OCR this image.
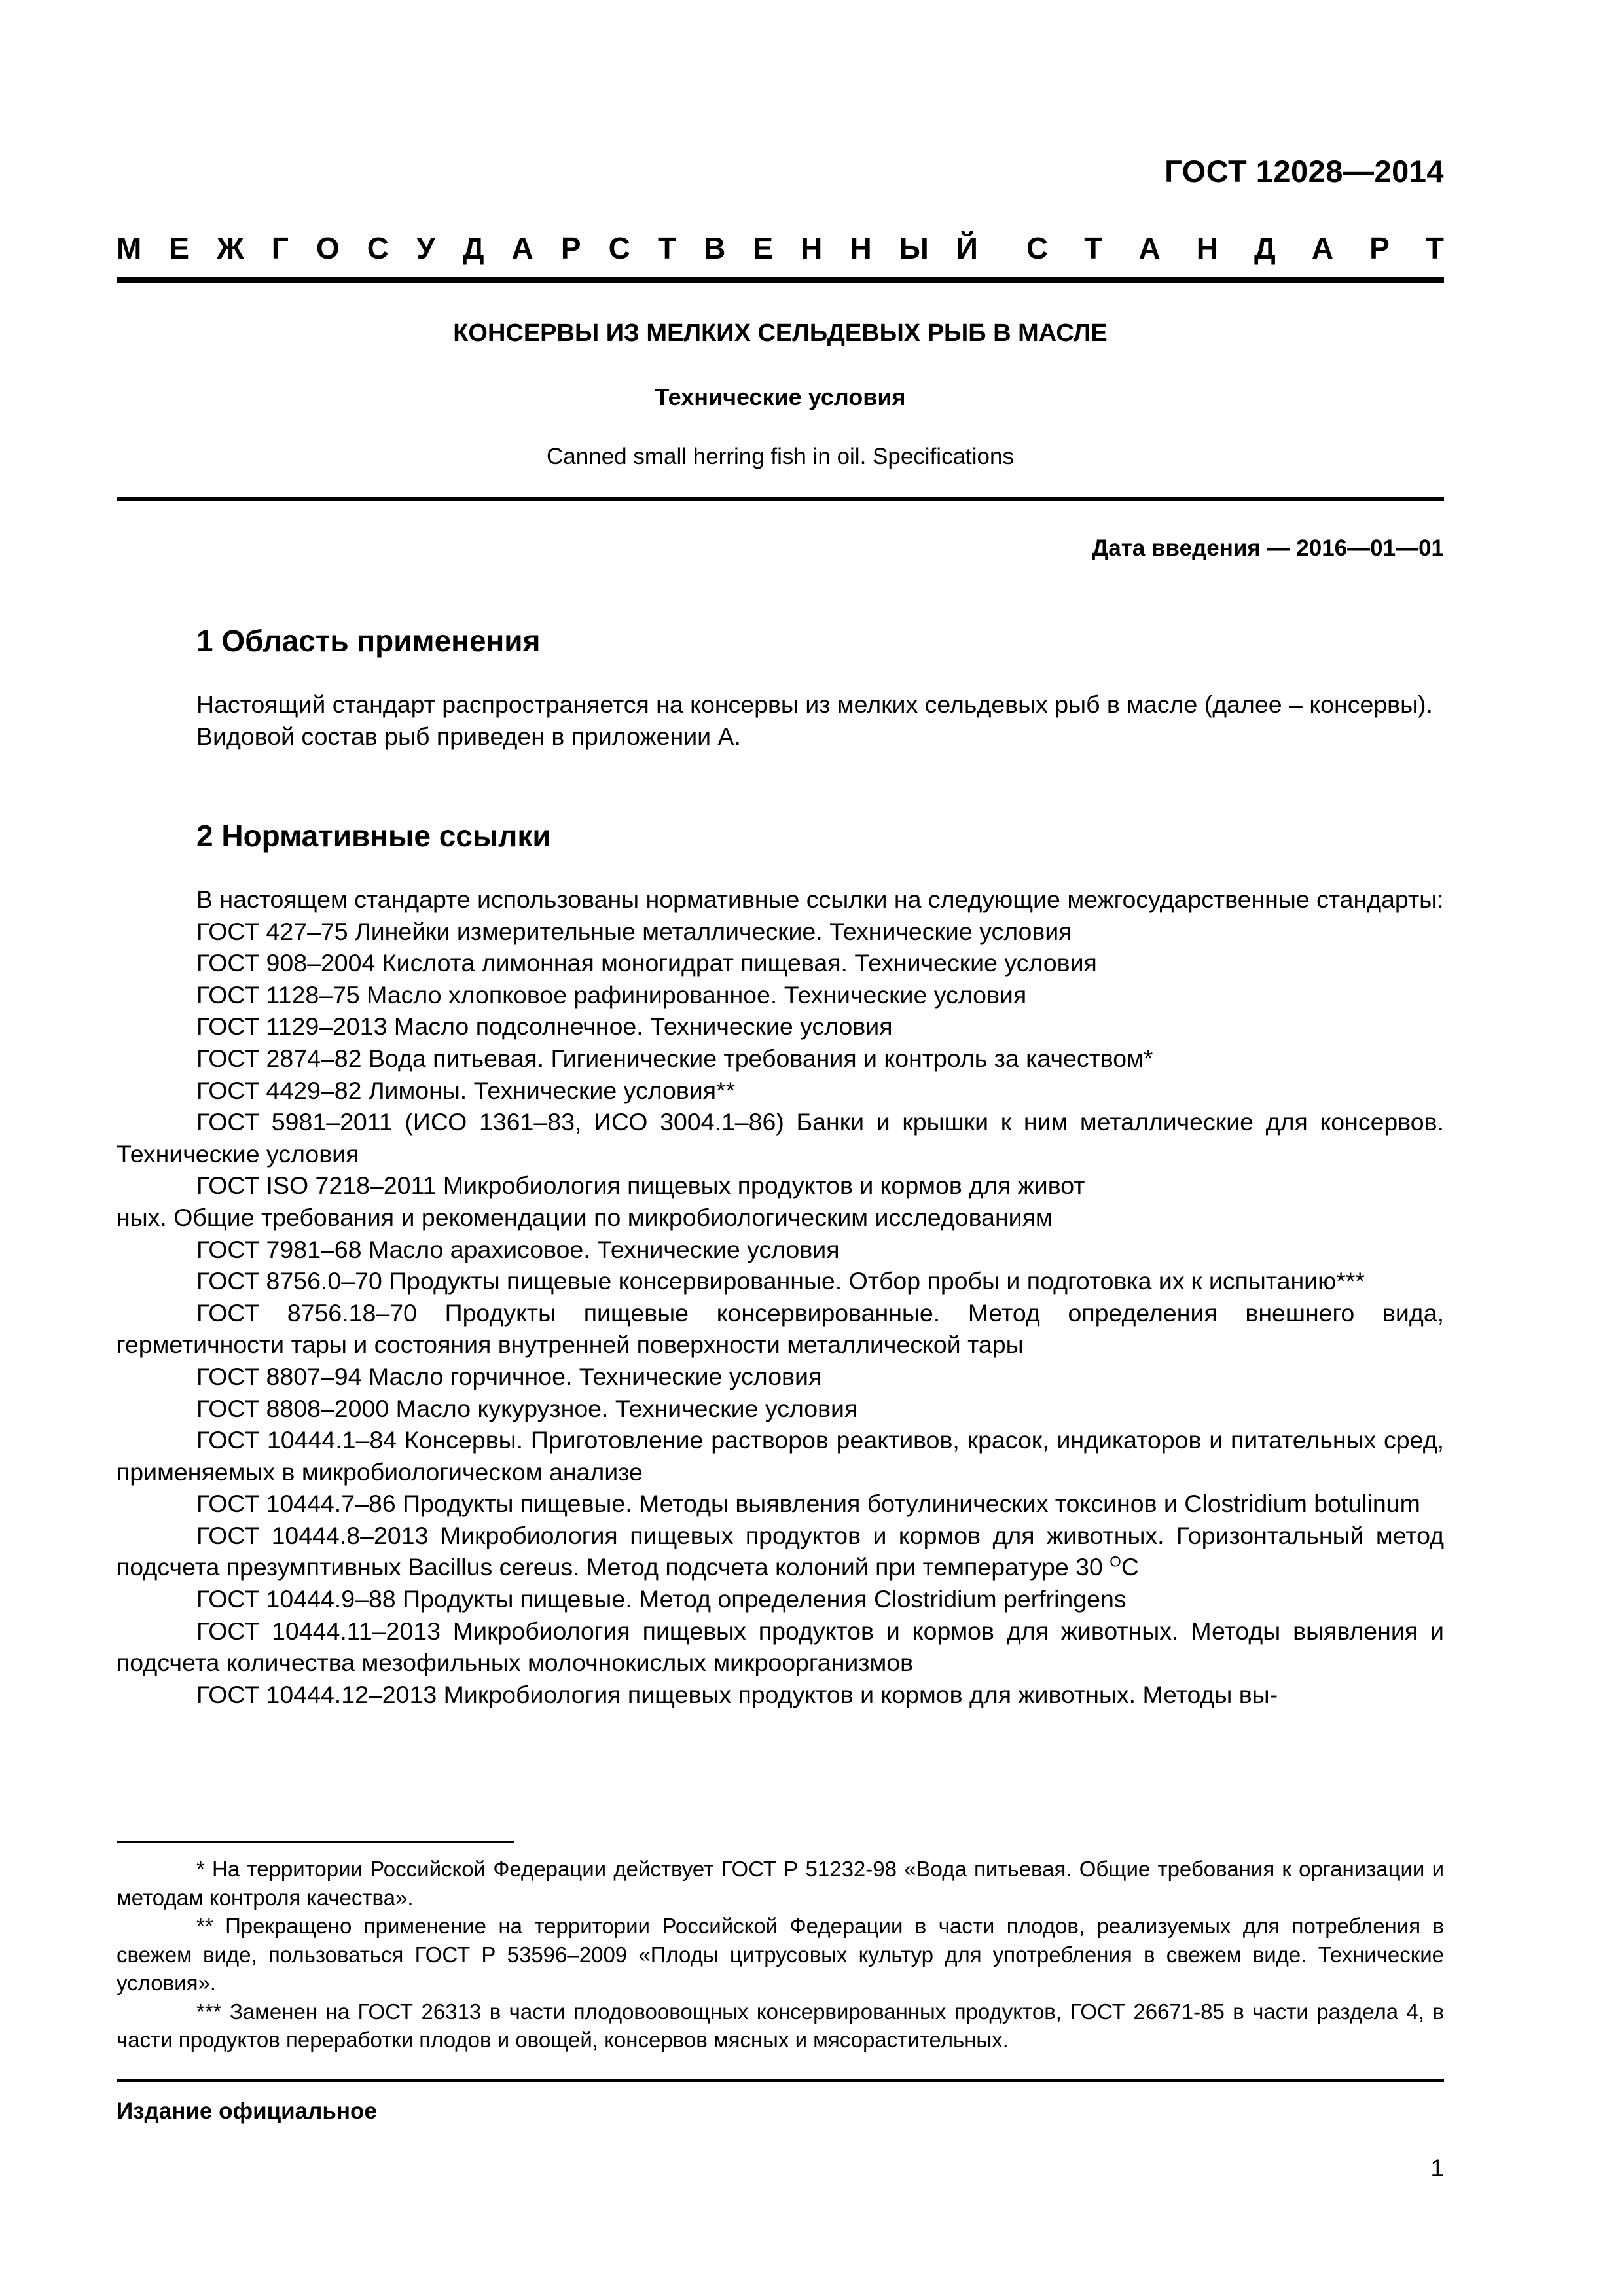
ГОСТ 12028—2014
М Е Ж Г О С У Д А Р С Т В Е Н Н Ы Й С Т А Н Д А Р Т
КОНСЕРВЫ ИЗ МЕЛКИХ СЕЛЬДЕВЫХ РЫБ В МАСЛЕ
Технические условия
Canned small herring fish in oil. Specifications
Дата введения — 2016—01—01
1 Область применения
Настоящий стандарт распространяется на консервы из мелких сельдевых рыб в масле (далее – консервы).
Видовой состав рыб приведен в приложении А.
2 Нормативные ссылки
В настоящем стандарте использованы нормативные ссылки на следующие межгосударственные стандарты:
ГОСТ 427–75 Линейки измерительные металлические. Технические условия
ГОСТ 908–2004 Кислота лимонная моногидрат пищевая. Технические условия
ГОСТ 1128–75 Масло хлопковое рафинированное. Технические условия
ГОСТ 1129–2013 Масло подсолнечное. Технические условия
ГОСТ 2874–82 Вода питьевая. Гигиенические требования и контроль за качеством*
ГОСТ 4429–82 Лимоны. Технические условия**
ГОСТ 5981–2011 (ИСО 1361–83, ИСО 3004.1–86) Банки и крышки к ним металлические для консервов. Технические условия
ГОСТ ISO 7218–2011 Микробиология пищевых продуктов и кормов для живот
ных. Общие требования и рекомендации по микробиологическим исследованиям
ГОСТ 7981–68 Масло арахисовое. Технические условия
ГОСТ 8756.0–70 Продукты пищевые консервированные. Отбор пробы и подготовка их к испытанию***
ГОСТ 8756.18–70 Продукты пищевые консервированные. Метод определения внешнего вида, герметичности тары и состояния внутренней поверхности металлической тары
ГОСТ 8807–94 Масло горчичное. Технические условия
ГОСТ 8808–2000 Масло кукурузное. Технические условия
ГОСТ 10444.1–84 Консервы. Приготовление растворов реактивов, красок, индикаторов и питательных сред, применяемых в микробиологическом анализе
ГОСТ 10444.7–86 Продукты пищевые. Методы выявления ботулинических токсинов и Clostridium botulinum
ГОСТ 10444.8–2013 Микробиология пищевых продуктов и кормов для животных. Горизонтальный метод подсчета презумптивных Bacillus cereus. Метод подсчета колоний при температуре 30 $^O$C
ГОСТ 10444.9–88 Продукты пищевые. Метод определения Clostridium perfringens
ГОСТ 10444.11–2013 Микробиология пищевых продуктов и кормов для животных. Методы выявления и подсчета количества мезофильных молочнокислых микроорганизмов
ГОСТ 10444.12–2013 Микробиология пищевых продуктов и кормов для животных. Методы вы-
* На территории Российской Федерации действует ГОСТ Р 51232-98 «Вода питьевая. Общие требования к организации и методам контроля качества».
** Прекращено применение на территории Российской Федерации в части плодов, реализуемых для потребления в свежем виде, пользоваться ГОСТ Р 53596–2009 «Плоды цитрусовых культур для употребления в свежем виде. Технические условия».
*** Заменен на ГОСТ 26313 в части плодовоовощных консервированных продуктов, ГОСТ 26671-85 в части раздела 4, в части продуктов переработки плодов и овощей, консервов мясных и мясорастительных.
Издание официальное
1
